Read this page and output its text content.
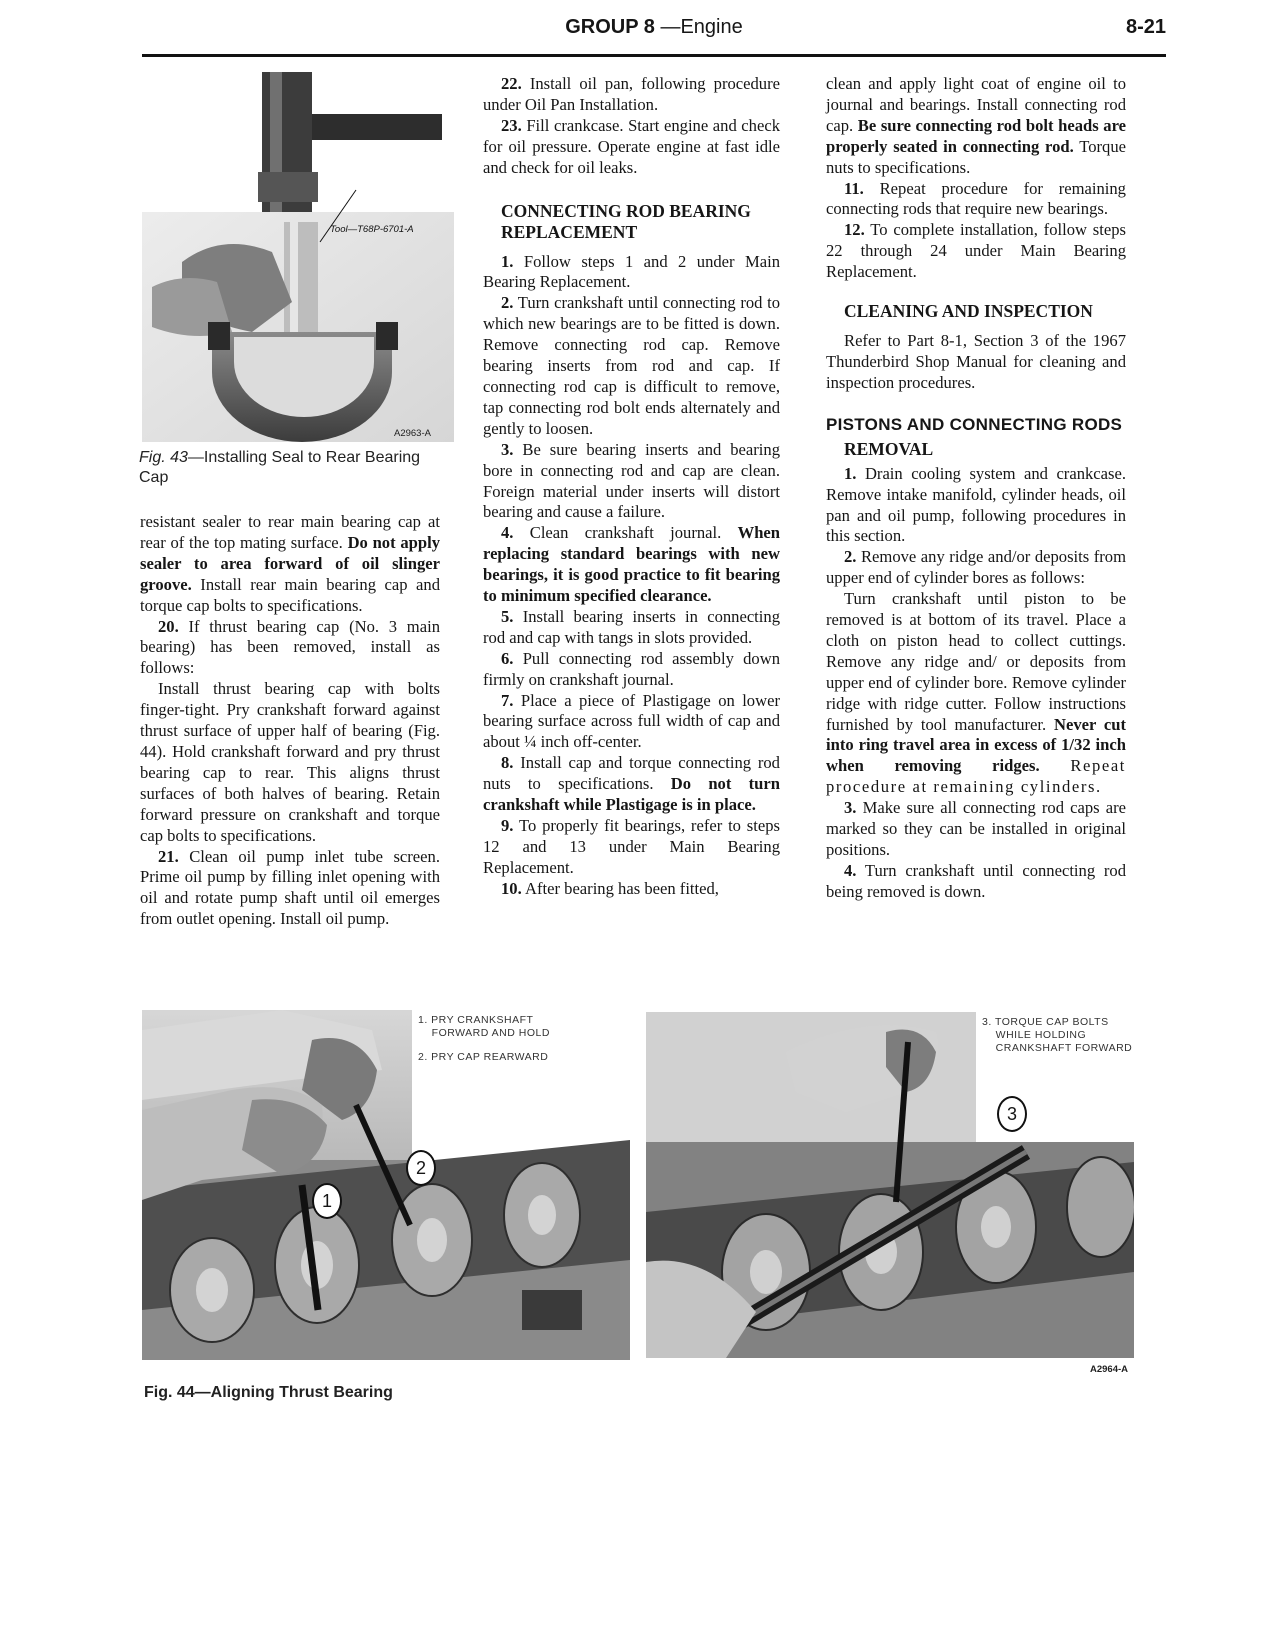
GROUP 8 —Engine	8-21
Tool—T68P-6701-A
A2963-A
Fig. 43—Installing Seal to Rear Bearing Cap

resistant sealer to rear main bearing cap at rear of the top mating surface. Do not apply sealer to area forward of oil slinger groove. Install rear main bearing cap and torque cap bolts to specifications.

20. If thrust bearing cap (No. 3 main bearing) has been removed, install as follows:

Install thrust bearing cap with bolts finger-tight. Pry crankshaft forward against thrust surface of upper half of bearing (Fig. 44). Hold crankshaft forward and pry thrust bearing cap to rear. This aligns thrust surfaces of both halves of bearing. Retain forward pressure on crankshaft and torque cap bolts to specifications.

21. Clean oil pump inlet tube screen. Prime oil pump by filling inlet opening with oil and rotate pump shaft until oil emerges from outlet opening. Install oil pump.

22. Install oil pan, following procedure under Oil Pan Installation.

23. Fill crankcase. Start engine and check for oil pressure. Operate engine at fast idle and check for oil leaks.

CONNECTING ROD BEARING REPLACEMENT

1. Follow steps 1 and 2 under Main Bearing Replacement.

2. Turn crankshaft until connecting rod to which new bearings are to be fitted is down. Remove connecting rod cap. Remove bearing inserts from rod and cap. If connecting rod cap is difficult to remove, tap connecting rod bolt ends alternately and gently to loosen.

3. Be sure bearing inserts and bearing bore in connecting rod and cap are clean. Foreign material under inserts will distort bearing and cause a failure.

4. Clean crankshaft journal. When replacing standard bearings with new bearings, it is good practice to fit bearing to minimum specified clearance.

5. Install bearing inserts in connecting rod and cap with tangs in slots provided.

6. Pull connecting rod assembly down firmly on crankshaft journal.

7. Place a piece of Plastigage on lower bearing surface across full width of cap and about ¼ inch off-center.

8. Install cap and torque connecting rod nuts to specifications. Do not turn crankshaft while Plastigage is in place.

9. To properly fit bearings, refer to steps 12 and 13 under Main Bearing Replacement.

10. After bearing has been fitted,

clean and apply light coat of engine oil to journal and bearings. Install connecting rod cap. Be sure connecting rod bolt heads are properly seated in connecting rod. Torque nuts to specifications.

11. Repeat procedure for remaining connecting rods that require new bearings.

12. To complete installation, follow steps 22 through 24 under Main Bearing Replacement.

CLEANING AND INSPECTION

Refer to Part 8-1, Section 3 of the 1967 Thunderbird Shop Manual for cleaning and inspection procedures.

PISTONS AND CONNECTING RODS
REMOVAL

1. Drain cooling system and crankcase. Remove intake manifold, cylinder heads, oil pan and oil pump, following procedures in this section.

2. Remove any ridge and/or deposits from upper end of cylinder bores as follows:

Turn crankshaft until piston to be removed is at bottom of its travel. Place a cloth on piston head to collect cuttings. Remove any ridge and/ or deposits from upper end of cylinder bore. Remove cylinder ridge with ridge cutter. Follow instructions furnished by tool manufacturer. Never cut into ring travel area in excess of 1/32 inch when removing ridges. Repeat procedure at remaining cylinders.

3. Make sure all connecting rod caps are marked so they can be installed in original positions.

4. Turn crankshaft until connecting rod being removed is down.

1. PRY CRANKSHAFT
FORWARD AND HOLD
2. PRY CAP REARWARD
1
2
3. TORQUE CAP BOLTS
WHILE HOLDING
CRANKSHAFT FORWARD
3
A2964-A
Fig. 44—Aligning Thrust Bearing
